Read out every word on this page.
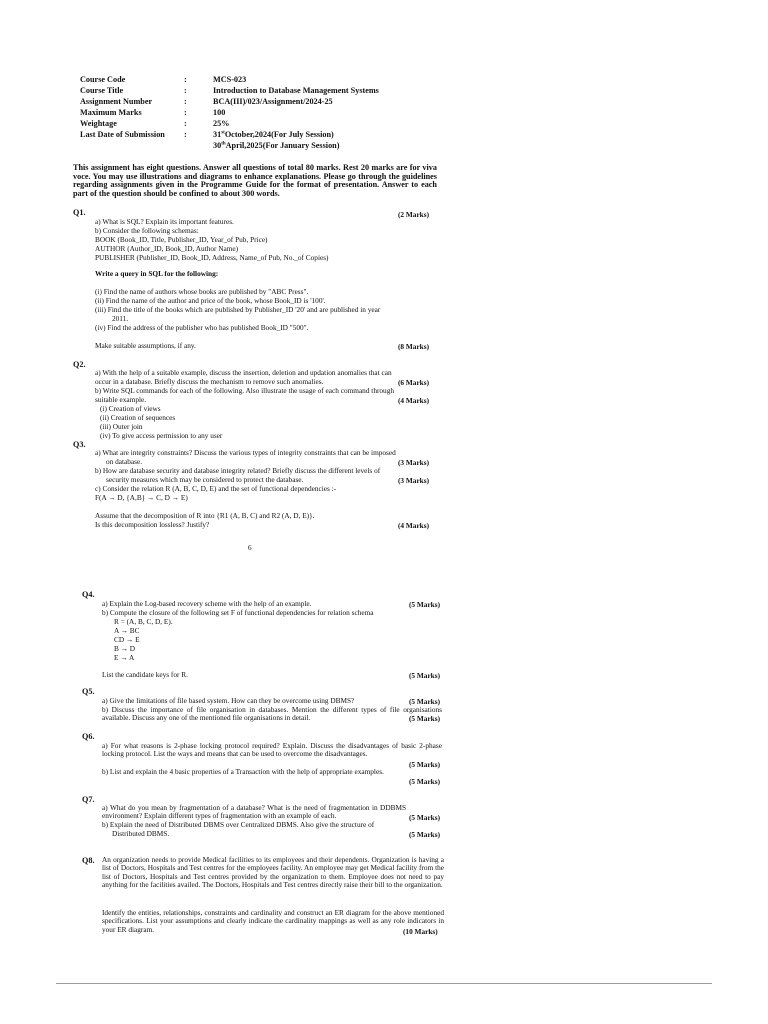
Course Code	:	MCS-023
Course Title	:	Introduction to Database Management Systems
Assignment Number	:	BCA(III)/023/Assignment/2024-25
Maximum Marks	:	100
Weightage	:	25%
Last Date of Submission :	31stOctober,2024(For July Session)
30thApril,2025(For January Session)
This assignment has eight questions. Answer all questions of total 80 marks. Rest 20 marks are for viva voce. You may use illustrations and diagrams to enhance explanations. Please go through the guidelines regarding assignments given in the Programme Guide for the format of presentation. Answer to each part of the question should be confined to about 300 words.
Q1.	(2 Marks)
a) What is SQL? Explain its important features.
b) Consider the following schemas:
BOOK (Book_ID, Title, Publisher_ID, Year_of Pub, Price)
AUTHOR (Author_ID, Book_ID, Author Name)
PUBLISHER (Publisher_ID, Book_ID, Address, Name_of Pub, No._of Copies)
Write a query in SQL for the following:
(i) Find the name of authors whose books are published by "ABC Press".
(ii) Find the name of the author and price of the book, whose Book_ID is '100'.
(iii) Find the title of the books which are published by Publisher_ID '20' and are published in year
2011.
(iv) Find the address of the publisher who has published Book_ID "500".
Make suitable assumptions, if any.	(8 Marks)
Q2.
a) With the help of a suitable example, discuss the insertion, deletion and updation anomalies that can
occur in a database. Briefly discuss the mechanism to remove such anomalies.	(6 Marks)
b) Write SQL commands for each of the following. Also illustrate the usage of each command through
suitable example.	(4 Marks)
(i) Creation of views
(ii) Creation of sequences
(iii) Outer join
(iv) To give access permission to any user
Q3.
a) What are integrity constraints? Discuss the various types of integrity constraints that can be imposed
on database.	(3 Marks)
b) How are database security and database integrity related? Briefly discuss the different levels of
security measures which may be considered to protect the database.	(3 Marks)
c) Consider the relation R (A, B, C, D, E) and the set of functional dependencies :-
F(A → D, {A,B} → C, D → E)
Assume that the decomposition of R into {R1 (A, B, C) and R2 (A, D, E)}.
Is this decomposition lossless? Justify?	(4 Marks)
6
Q4.
a) Explain the Log-based recovery scheme with the help of an example.	(5 Marks)
b) Compute the closure of the following set F of functional dependencies for relation schema
R = (A, B, C, D, E).
A → BC
CD → E
B → D
E → A
List the candidate keys for R.	(5 Marks)
Q5.
a) Give the limitations of file based system. How can they be overcome using DBMS?	(5 Marks)
b) Discuss the importance of file organisation in databases. Mention the different types of file organisations available. Discuss any one of the mentioned file organisations in detail.	(5 Marks)
Q6.
a) For what reasons is 2-phase locking protocol required? Explain. Discuss the disadvantages of basic 2-phase locking protocol. List the ways and means that can be used to overcome the disadvantages.
(5 Marks)
b) List and explain the 4 basic properties of a Transaction with the help of appropriate examples.
(5 Marks)
Q7.
a) What do you mean by fragmentation of a database? What is the need of fragmentation in DDBMS environment? Explain different types of fragmentation with an example of each.	(5 Marks)
b) Explain the need of Distributed DBMS over Centralized DBMS. Also give the structure of
Distributed DBMS.	(5 Marks)
Q8. An organization needs to provide Medical facilities to its employees and their dependents. Organization is having a list of Doctors, Hospitals and Test centres for the employees facility. An employee may get Medical facility from the list of Doctors, Hospitals and Test centres provided by the organization to them. Employee does not need to pay anything for the facilities availed. The Doctors, Hospitals and Test centres directly raise their bill to the organization.
Identify the entities, relationships, constraints and cardinality and construct an ER diagram for the above mentioned specifications. List your assumptions and clearly indicate the cardinality mappings as well as any role indicators in your ER diagram.	(10 Marks)
